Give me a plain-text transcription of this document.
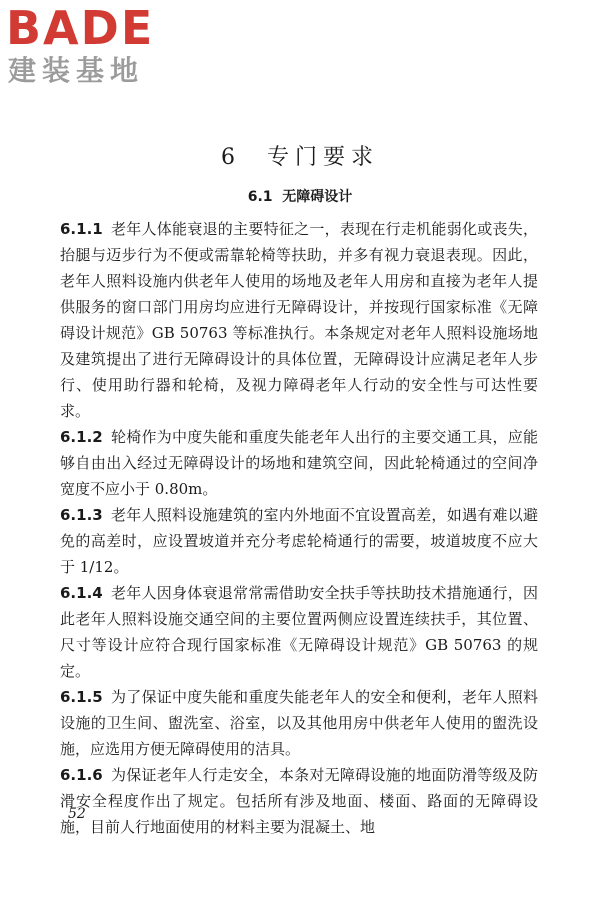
BADE
建装基地
6  专门要求
6.1  无障碍设计

6.1.1 老年人体能衰退的主要特征之一，表现在行走机能弱化或丧失，抬腿与迈步行为不便或需靠轮椅等扶助，并多有视力衰退表现。因此，老年人照料设施内供老年人使用的场地及老年人用房和直接为老年人提供服务的窗口部门用房均应进行无障碍设计，并按现行国家标准《无障碍设计规范》GB 50763 等标准执行。本条规定对老年人照料设施场地及建筑提出了进行无障碍设计的具体位置，无障碍设计应满足老年人步行、使用助行器和轮椅，及视力障碍老年人行动的安全性与可达性要求。

6.1.2 轮椅作为中度失能和重度失能老年人出行的主要交通工具，应能够自由出入经过无障碍设计的场地和建筑空间，因此轮椅通过的空间净宽度不应小于 0.80m。

6.1.3 老年人照料设施建筑的室内外地面不宜设置高差，如遇有难以避免的高差时，应设置坡道并充分考虑轮椅通行的需要，坡道坡度不应大于 1/12。

6.1.4 老年人因身体衰退常常需借助安全扶手等扶助技术措施通行，因此老年人照料设施交通空间的主要位置两侧应设置连续扶手，其位置、尺寸等设计应符合现行国家标准《无障碍设计规范》GB 50763 的规定。

6.1.5 为了保证中度失能和重度失能老年人的安全和便利，老年人照料设施的卫生间、盥洗室、浴室，以及其他用房中供老年人使用的盥洗设施，应选用方便无障碍使用的洁具。

6.1.6 为保证老年人行走安全，本条对无障碍设施的地面防滑等级及防滑安全程度作出了规定。包括所有涉及地面、楼面、路面的无障碍设施，目前人行地面使用的材料主要为混凝土、地

52
